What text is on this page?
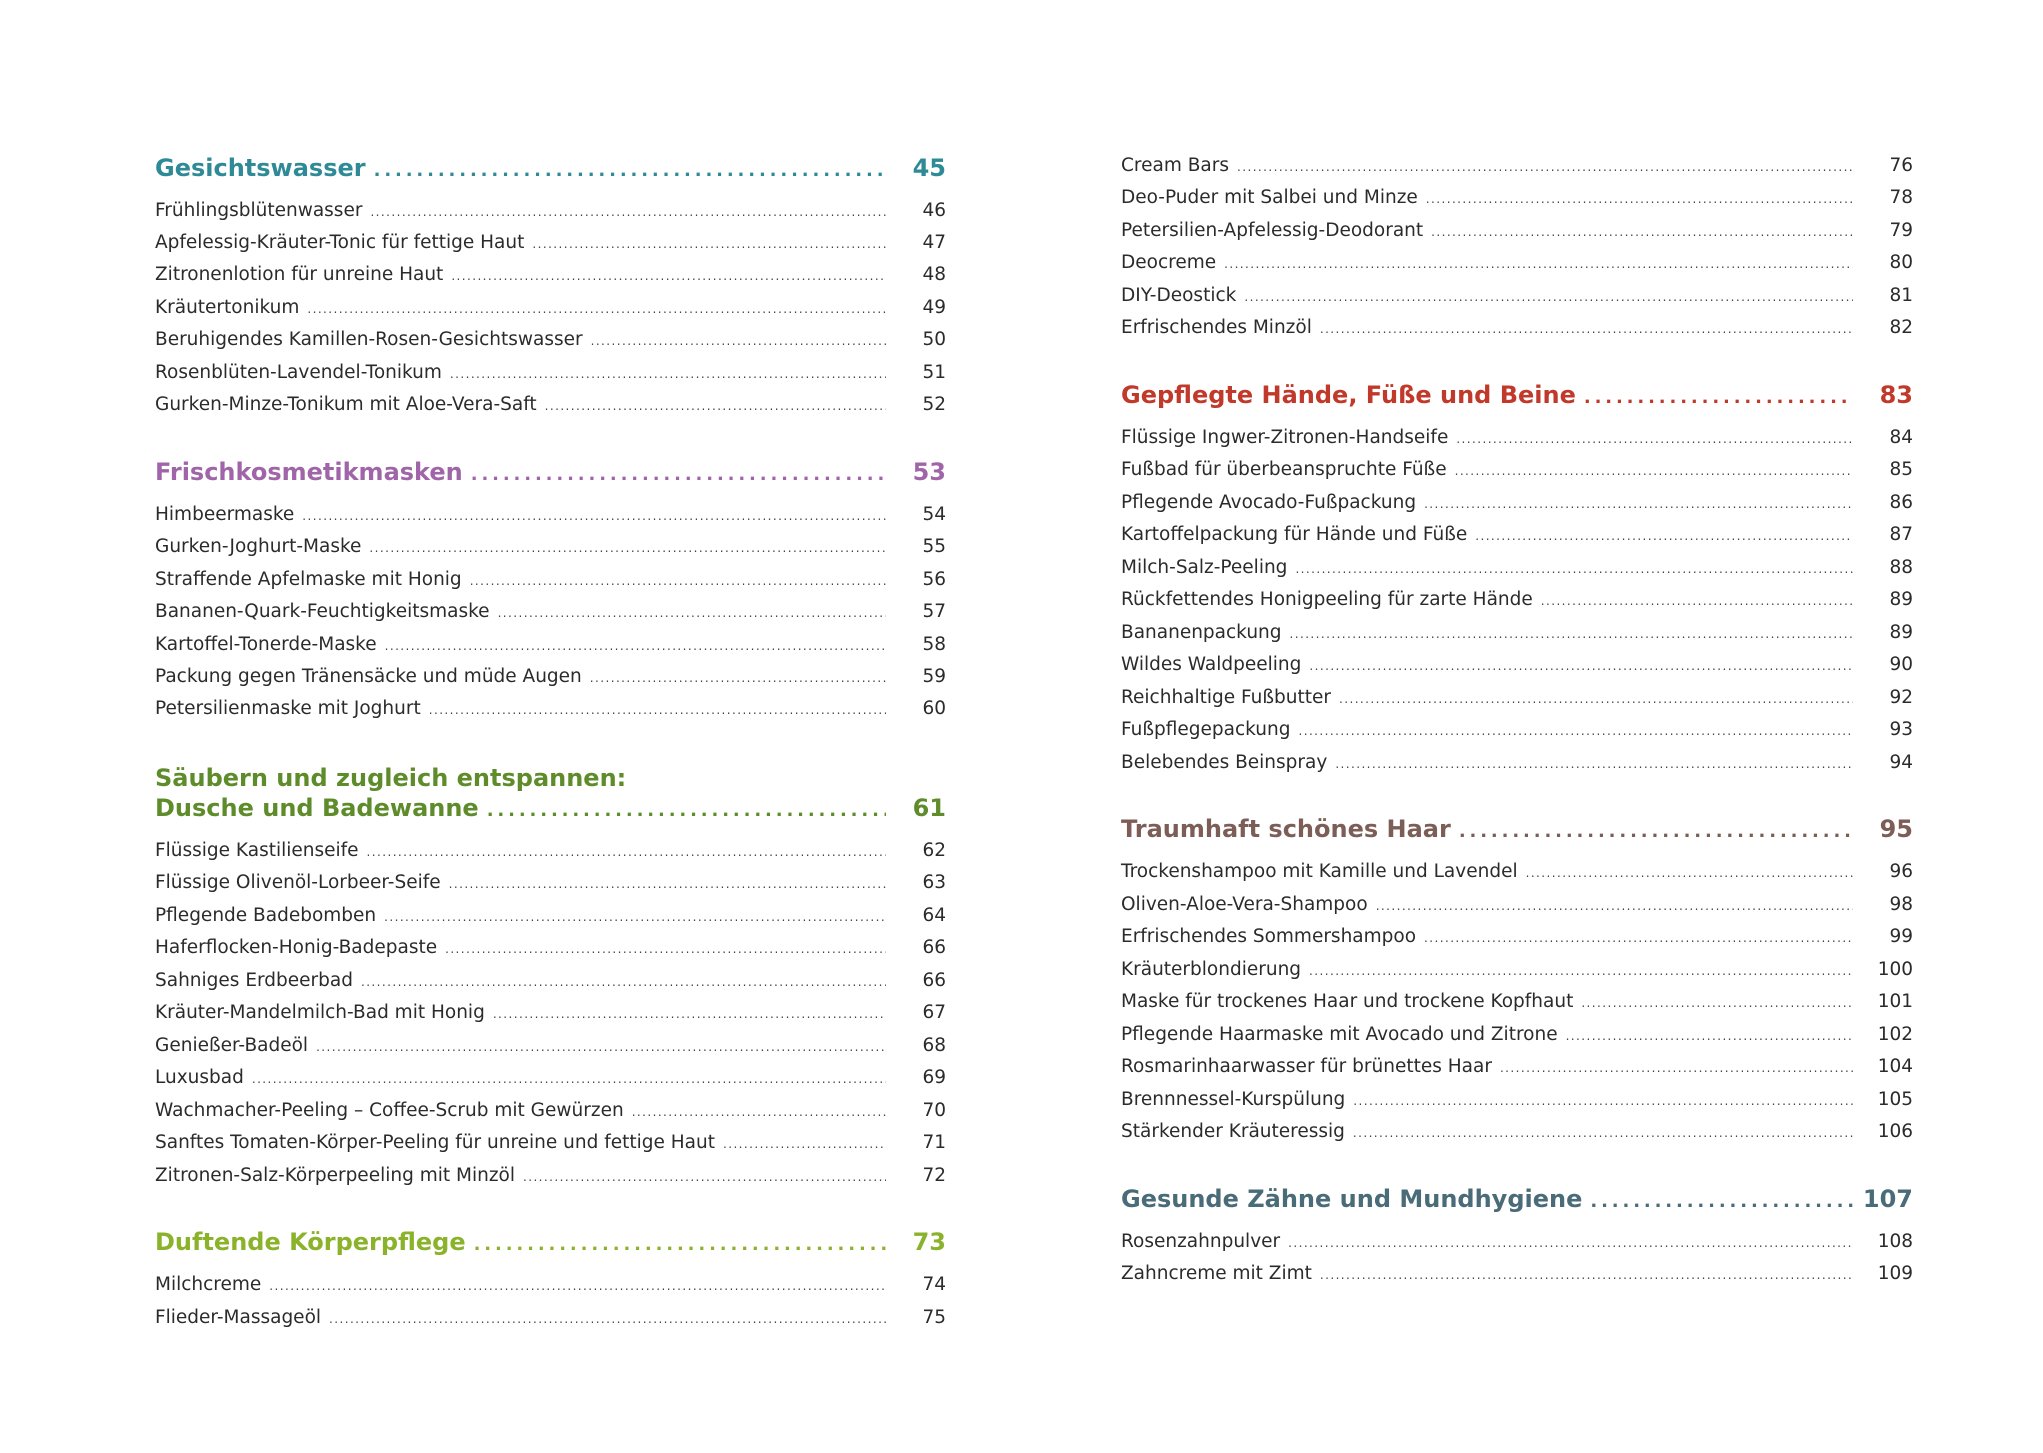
Gesichtswasser . . .	45
Frühlingsblütenwasser . . .	46
Apfelessig-Kräuter-Tonic für fettige Haut . . .	47
Zitronenlotion für unreine Haut . . .	48
Kräutertonikum . . .	49
Beruhigendes Kamillen-Rosen-Gesichtswasser . . .	50
Rosenblüten-Lavendel-Tonikum . . .	51
Gurken-Minze-Tonikum mit Aloe-Vera-Saft . . .	52
Frischkosmetikmasken . . .	53
Himbeermaske . . .	54
Gurken-Joghurt-Maske . . .	55
Straffende Apfelmaske mit Honig . . .	56
Bananen-Quark-Feuchtigkeitsmaske . . .	57
Kartoffel-Tonerde-Maske . . .	58
Packung gegen Tränensäcke und müde Augen . . .	59
Petersilienmaske mit Joghurt . . .	60
Säubern und zugleich entspannen:
Dusche und Badewanne . . .	61
Flüssige Kastilienseife . . .	62
Flüssige Olivenöl-Lorbeer-Seife . . .	63
Pflegende Badebomben . . .	64
Haferflocken-Honig-Badepaste . . .	66
Sahniges Erdbeerbad . . .	66
Kräuter-Mandelmilch-Bad mit Honig . . .	67
Genießer-Badeöl . . .	68
Luxusbad . . .	69
Wachmacher-Peeling – Coffee-Scrub mit Gewürzen . . .	70
Sanftes Tomaten-Körper-Peeling für unreine und fettige Haut . . .	71
Zitronen-Salz-Körperpeeling mit Minzöl . . .	72
Duftende Körperpflege . . .	73
Milchcreme . . .	74
Flieder-Massageöl . . .	75
Cream Bars . . .	76
Deo-Puder mit Salbei und Minze . . .	78
Petersilien-Apfelessig-Deodorant . . .	79
Deocreme . . .	80
DIY-Deostick . . .	81
Erfrischendes Minzöl . . .	82
Gepflegte Hände, Füße und Beine . . .	83
Flüssige Ingwer-Zitronen-Handseife . . .	84
Fußbad für überbeanspruchte Füße . . .	85
Pflegende Avocado-Fußpackung . . .	86
Kartoffelpackung für Hände und Füße . . .	87
Milch-Salz-Peeling . . .	88
Rückfettendes Honigpeeling für zarte Hände . . .	89
Bananenpackung . . .	89
Wildes Waldpeeling . . .	90
Reichhaltige Fußbutter . . .	92
Fußpflegepackung . . .	93
Belebendes Beinspray . . .	94
Traumhaft schönes Haar . . .	95
Trockenshampoo mit Kamille und Lavendel . . .	96
Oliven-Aloe-Vera-Shampoo . . .	98
Erfrischendes Sommershampoo . . .	99
Kräuterblondierung . . .	100
Maske für trockenes Haar und trockene Kopfhaut . . .	101
Pflegende Haarmaske mit Avocado und Zitrone . . .	102
Rosmarinhaarwasser für brünettes Haar . . .	104
Brennnessel-Kurspülung . . .	105
Stärkender Kräuteressig . . .	106
Gesunde Zähne und Mundhygiene . . .	107
Rosenzahnpulver . . .	108
Zahncreme mit Zimt . . .	109
